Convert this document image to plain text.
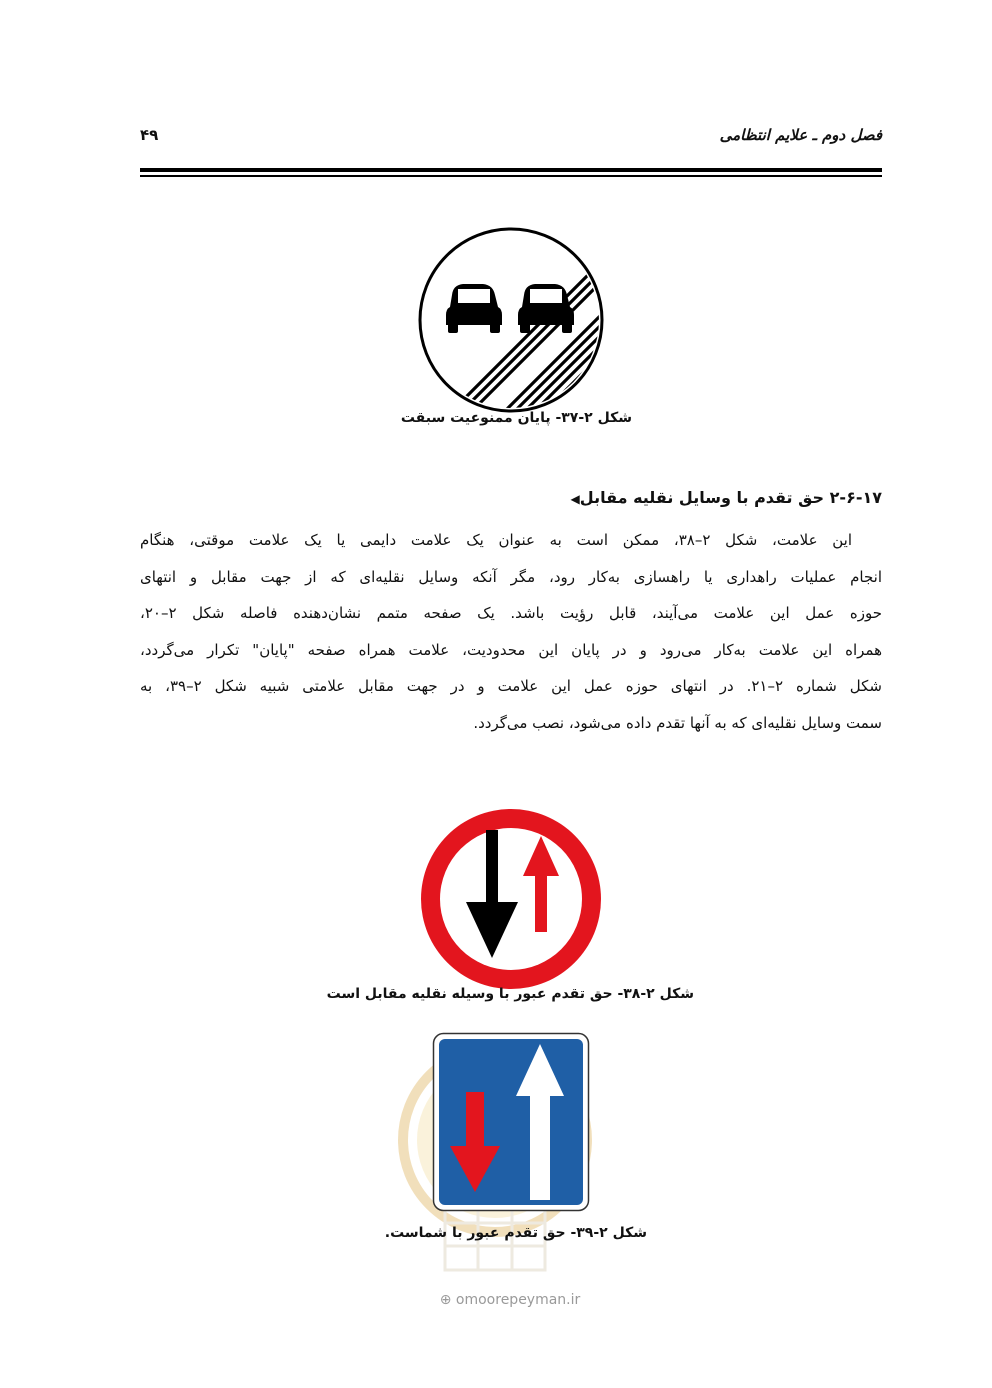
فصل دوم ـ علایم انتظامی
۴۹
شکل ۲-۳۷- پایان ممنوعیت سبقت
۲-۶-۱۷ حق تقدم با وسایل نقلیه مقابل◀

این علامت، شکل ۲–۳۸، ممکن است به عنوان یک علامت دایمی یا یک علامت موقتی، هنگام

انجام عملیات راهداری یا راهسازی به‌کار رود، مگر آنکه وسایل نقلیه‌ای که از جهت مقابل و انتهای

حوزه عمل این علامت می‌آیند، قابل رؤیت باشد. یک صفحه متمم نشان‌دهنده فاصله شکل ۲–۲۰،

همراه این علامت به‌کار می‌رود و در پایان این محدودیت، علامت همراه صفحه "پایان" تکرار می‌گردد،

شکل شماره ۲–۲۱. در انتهای حوزه عمل این علامت و در جهت مقابل علامتی شبیه شکل ۲–۳۹، به

سمت وسایل نقلیه‌ای که به آنها تقدم داده می‌شود، نصب می‌گردد.

شکل ۲-۳۸- حق تقدم عبور با وسیله نقلیه مقابل است
شکل ۲-۳۹- حق تقدم عبور با شماست.
⊕ omoorepeyman.ir
